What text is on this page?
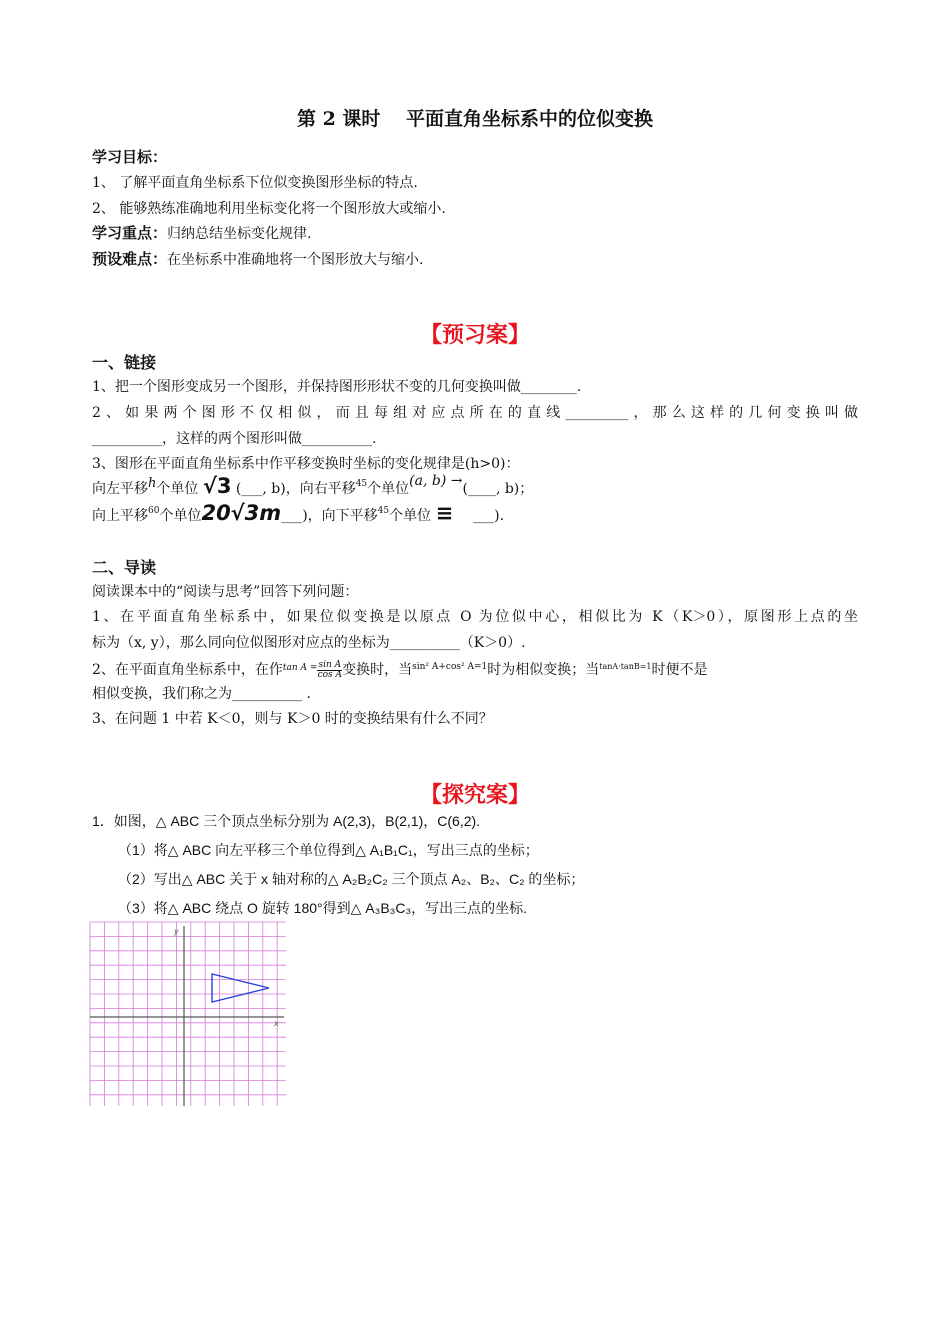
第 2 课时　 平面直角坐标系中的位似变换
学习目标：
1、 了解平面直角坐标系下位似变换图形坐标的特点.
2、 能够熟练准确地利用坐标变化将一个图形放大或缩小.
学习重点：归纳总结坐标变化规律.
预设难点：在坐标系中准确地将一个图形放大与缩小.
【预习案】
一、链接
1、把一个图形变成另一个图形，并保持图形形状不变的几何变换叫做________.
2、如果两个图形不仅相似，而且每组对应点所在的直线_________，那么这样的几何变换叫做
__________，这样的两个图形叫做__________.
3、图形在平面直角坐标系中作平移变换时坐标的变化规律是(h>0)：
向左平移h个单位 √3 (___, b)，向右平移$^{45}$个单位(a, b) →(____, b)；
向上平移$^{60}$个单位20√3m___)，向下平移$^{45}$个单位 ≡ ___).
二、导读
阅读课本中的“阅读与思考”回答下列问题：
1、在平面直角坐标系中，如果位似变换是以原点 O 为位似中心，相似比为 K（K＞0），原图形上点的坐
标为（x, y），那么同向位似图形对应点的坐标为__________（K＞0）.
2、在平面直角坐标系中，在作$^{tan A =} \frac{\text{sin A}}{\text{cos A}}$ 变换时，当$^{sin^2 A+cos^2 A=1}$时为相似变换；当$^{tanA\cdot tanB=1}$时便不是
相似变换，我们称之为__________ .
3、在问题 1 中若 K＜0，则与 K＞0 时的变换结果有什么不同？
【探究案】
1．如图，△ ABC 三个顶点坐标分别为 A(2,3)，B(2,1)，C(6,2).
（1）将△ ABC 向左平移三个单位得到△ A₁B₁C₁，写出三点的坐标；
（2）写出△ ABC 关于 x 轴对称的△ A₂B₂C₂ 三个顶点 A₂、B₂、C₂ 的坐标；
（3）将△ ABC 绕点 O 旋转 180°得到△ A₃B₃C₃，写出三点的坐标.
x
y
